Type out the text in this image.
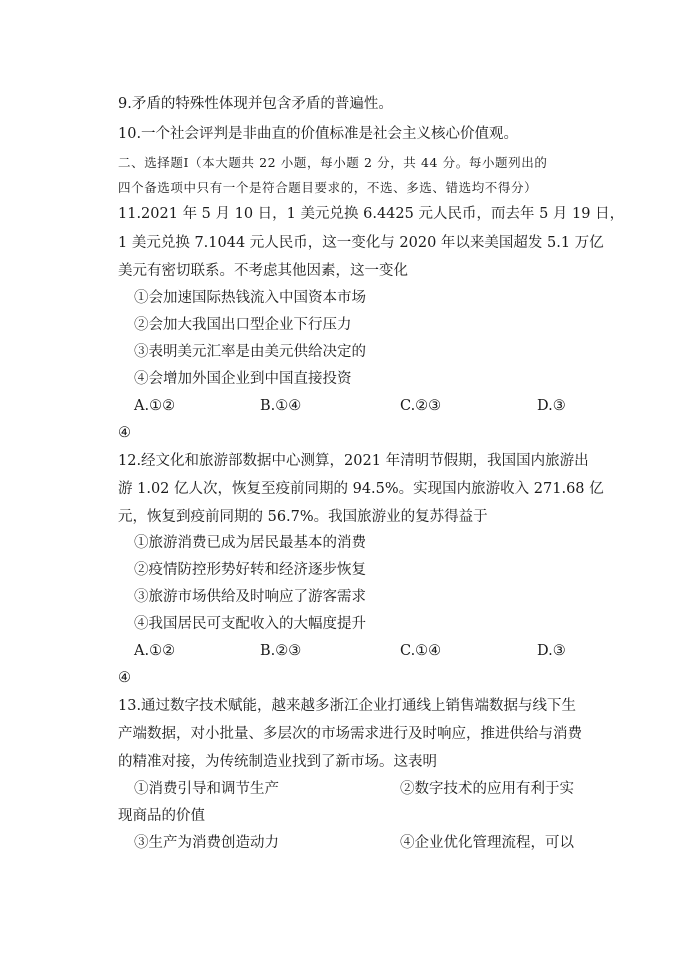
9.矛盾的特殊性体现并包含矛盾的普遍性。
10.一个社会评判是非曲直的价值标准是社会主义核心价值观。
二、选择题Ⅰ（本大题共 22 小题，每小题 2 分，共 44 分。每小题列出的
四个备选项中只有一个是符合题目要求的，不选、多选、错选均不得分）
11.2021 年 5 月 10 日，1 美元兑换 6.4425 元人民币，而去年 5 月 19 日，
1 美元兑换 7.1044 元人民币，这一变化与 2020 年以来美国超发 5.1 万亿
美元有密切联系。不考虑其他因素，这一变化
①会加速国际热钱流入中国资本市场
②会加大我国出口型企业下行压力
③表明美元汇率是由美元供给决定的
④会增加外国企业到中国直接投资
A.①②	B.①④	C.②③	D.③
④
12.经文化和旅游部数据中心测算，2021 年清明节假期，我国国内旅游出
游 1.02 亿人次，恢复至疫前同期的 94.5%。实现国内旅游收入 271.68 亿
元，恢复到疫前同期的 56.7%。我国旅游业的复苏得益于
①旅游消费已成为居民最基本的消费
②疫情防控形势好转和经济逐步恢复
③旅游市场供给及时响应了游客需求
④我国居民可支配收入的大幅度提升
A.①②	B.②③	C.①④	D.③
④
13.通过数字技术赋能，越来越多浙江企业打通线上销售端数据与线下生
产端数据，对小批量、多层次的市场需求进行及时响应，推进供给与消费
的精准对接，为传统制造业找到了新市场。这表明
①消费引导和调节生产	②数字技术的应用有利于实
现商品的价值
③生产为消费创造动力	④企业优化管理流程，可以
